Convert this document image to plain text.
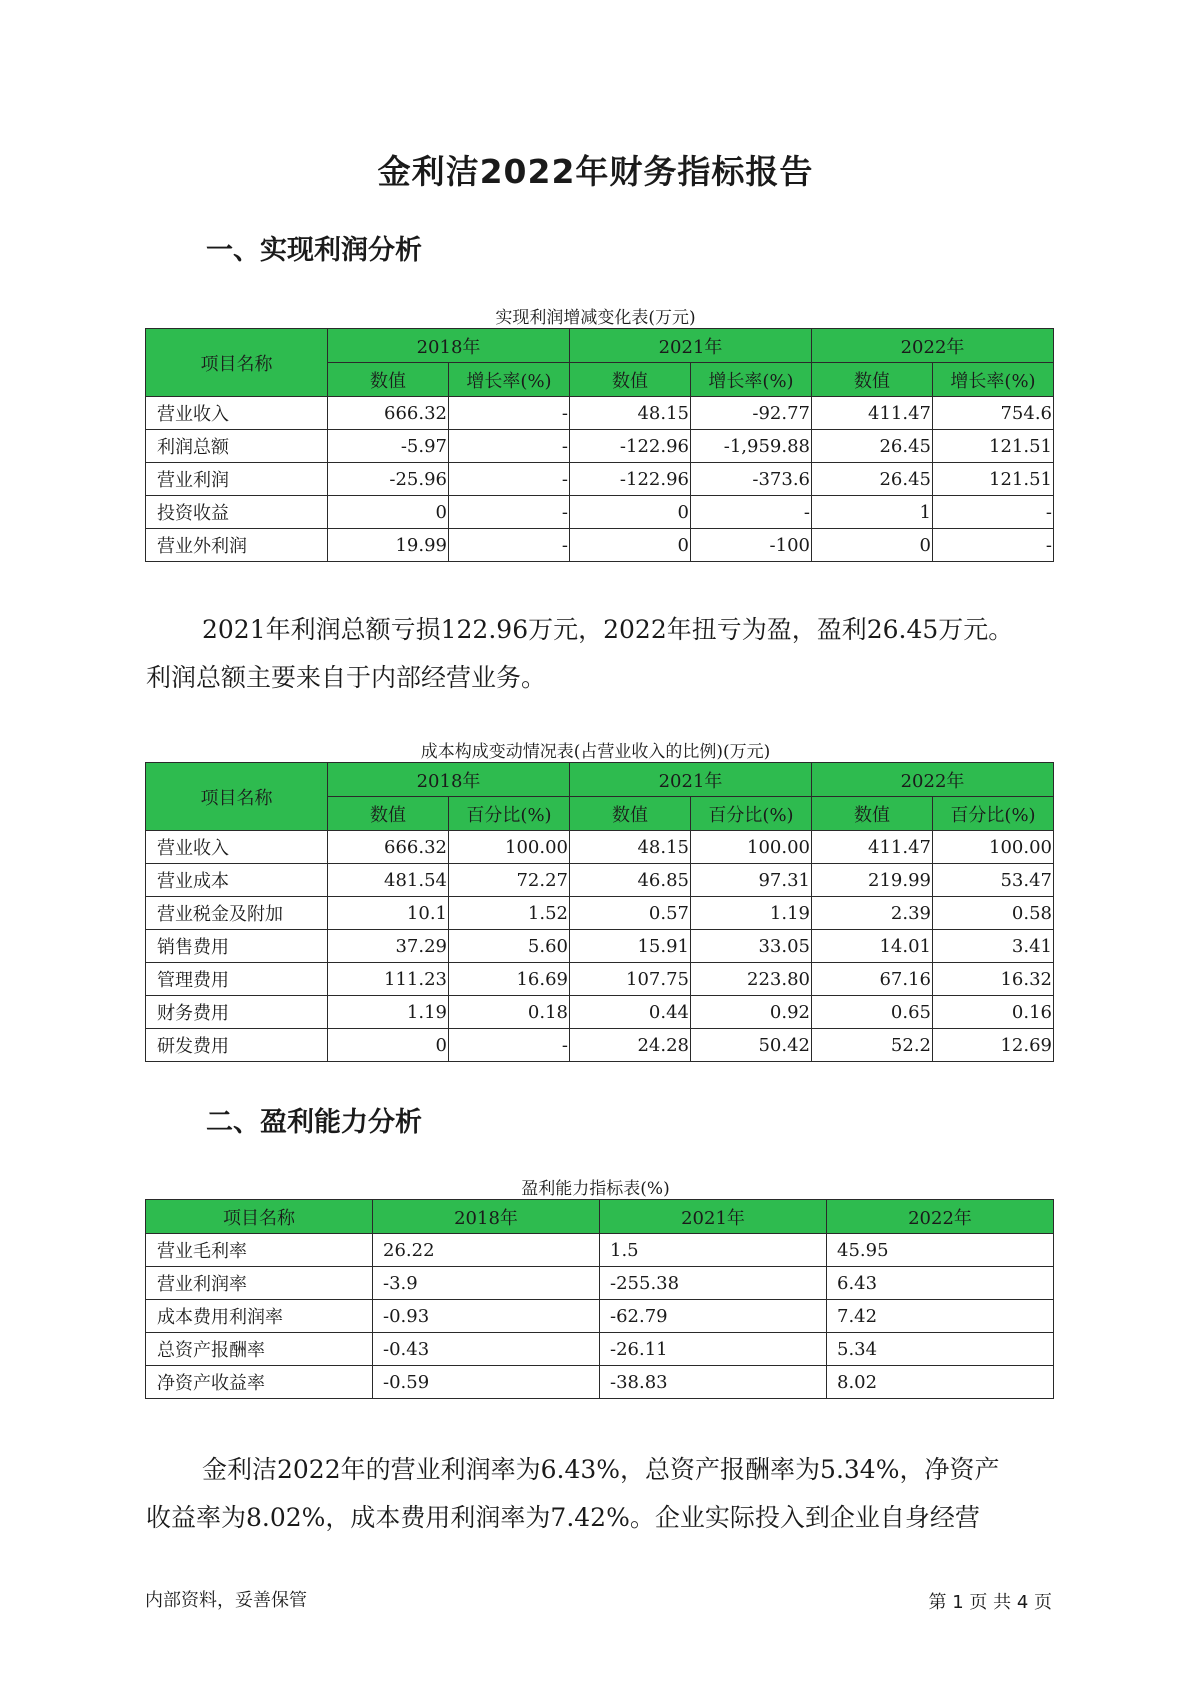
金利洁2022年财务指标报告
一、实现利润分析
实现利润增减变化表(万元)
项目名称	2018年		2021年		2022年	
	数值	增长率(%)	数值	增长率(%)	数值	增长率(%)
营业收入	666.32	-	48.15	-92.77	411.47	754.6
利润总额	-5.97	-	-122.96	-1,959.88	26.45	121.51
营业利润	-25.96	-	-122.96	-373.6	26.45	121.51
投资收益	0	-	0	-	1	-
营业外利润	19.99	-	0	-100	0	-
2021年利润总额亏损122.96万元，2022年扭亏为盈，盈利26.45万元。
利润总额主要来自于内部经营业务。
成本构成变动情况表(占营业收入的比例)(万元)
项目名称	2018年		2021年		2022年	
	数值	百分比(%)	数值	百分比(%)	数值	百分比(%)
营业收入	666.32	100.00	48.15	100.00	411.47	100.00
营业成本	481.54	72.27	46.85	97.31	219.99	53.47
营业税金及附加	10.1	1.52	0.57	1.19	2.39	0.58
销售费用	37.29	5.60	15.91	33.05	14.01	3.41
管理费用	111.23	16.69	107.75	223.80	67.16	16.32
财务费用	1.19	0.18	0.44	0.92	0.65	0.16
研发费用	0	-	24.28	50.42	52.2	12.69
二、盈利能力分析
盈利能力指标表(%)
项目名称	2018年	2021年	2022年
营业毛利率	26.22	1.5	45.95
营业利润率	-3.9	-255.38	6.43
成本费用利润率	-0.93	-62.79	7.42
总资产报酬率	-0.43	-26.11	5.34
净资产收益率	-0.59	-38.83	8.02
金利洁2022年的营业利润率为6.43%，总资产报酬率为5.34%，净资产
收益率为8.02%，成本费用利润率为7.42%。企业实际投入到企业自身经营
内部资料，妥善保管	第 1 页 共 4 页
